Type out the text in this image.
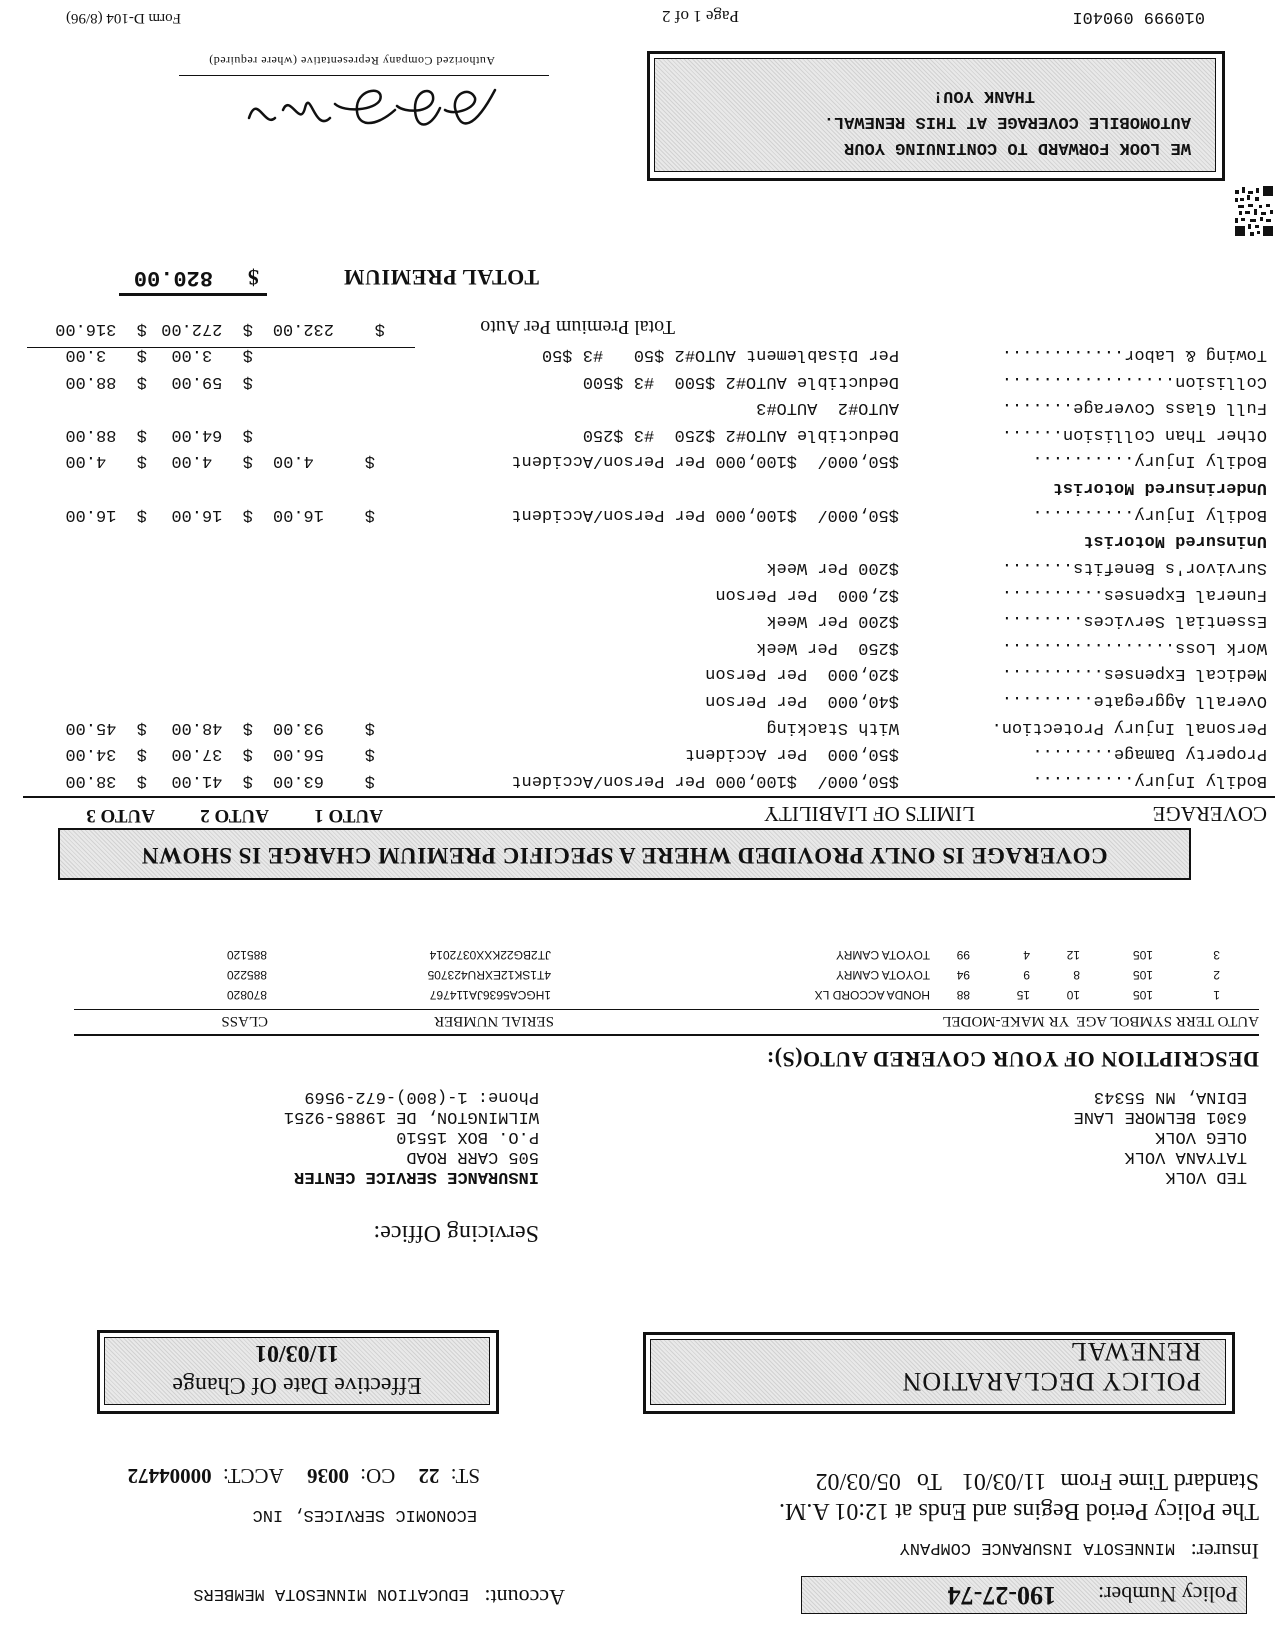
Policy Number:
190-27-74
Account: EDUCATION MINNESOTA MEMBERS
Insurer: MINNESOTA INSURANCE COMPANY
The Policy Period Begins and Ends at 12:01 A.M.
Standard Time From 11/03/01 To 05/03/02
ECONOMIC SERVICES, INC
ST: 22 CO: 0036 ACCT: 00004472
POLICY DECLARATION
RENEWAL
Effective Date Of Change
11/03/01
TED VOLK
TATYANA VOLK
OLEG VOLK
6301 BELMORE LANE
EDINA, MN 55343
Servicing Office:
INSURANCE SERVICE CENTER
505 CARR ROAD
P.O. BOX 15510
WILMINGTON, DE 19885-9251
Phone: 1-(800)-672-9569
DESCRIPTION OF YOUR COVERED AUTO(S):
AUTO TERR SYMBOL AGE  YR MAKE-MODEL
SERIAL NUMBER
CLASS
1
105
10
15
88
HONDA ACCORD LX
1HGCA5636JA114767
870820
2
105
8
9
94
TOYOTA CAMRY
4T1SK12EXRU423705
885220
3
105
12
4
99
TOYOTA CAMRY
JT2BG22KXX0372014
885120
COVERAGE IS ONLY PROVIDED WHERE A SPECIFIC PREMIUM CHARGE IS SHOWN
COVERAGE
LIMITS OF LIABILITY
AUTO 1
AUTO 2
AUTO 3
Bodily Injury..........
$50,000/  $100,000 Per Person/Accident
$    63.00
$  41.00
$  38.00
Property Damage........
$50,000  Per Accident
$    56.00
$  37.00
$  34.00
Personal Injury Protection.
With Stacking
$    93.00
$  48.00
$  45.00
Overall Aggregate.........
$40,000  Per Person
Medical Expenses..........
$20,000  Per Person
Work Loss.................
$250  Per Week
Essential Services........
$200 Per Week
Funeral Expenses..........
$2,000  Per Person
Survivor's Benefits.......
$200 Per Week
Uninsured Motorist
Bodily Injury..........
$50,000/  $100,000 Per Person/Accident
$    16.00
$  16.00
$  16.00
Underinsured Motorist
Bodily Injury..........
$50,000/  $100,000 Per Person/Accident
$     4.00
$   4.00
$   4.00
Other Than Collision......
Deductible AUTO#2 $250  #3 $250
$  64.00
$  88.00
Full Glass Coverage.......
AUTO#2  AUTO#3
Collision.................
Deductible AUTO#2 $500  #3 $500
$  59.00
$  88.00
Towing & Labor............
Per Disablement AUTO#2 $50   #3 $50
$   3.00
$   3.00
Total Premium Per Auto
$    232.00
$  272.00
$  316.00
TOTAL PREMIUM
$
820.00
WE LOOK FORWARD TO CONTINUING YOUR
AUTOMOBILE COVERAGE AT THIS RENEWAL.
THANK YOU!
Authorized Company Representative (where required)
010999 09040I
Page 1 of 2
Form D-104 (8/96)
